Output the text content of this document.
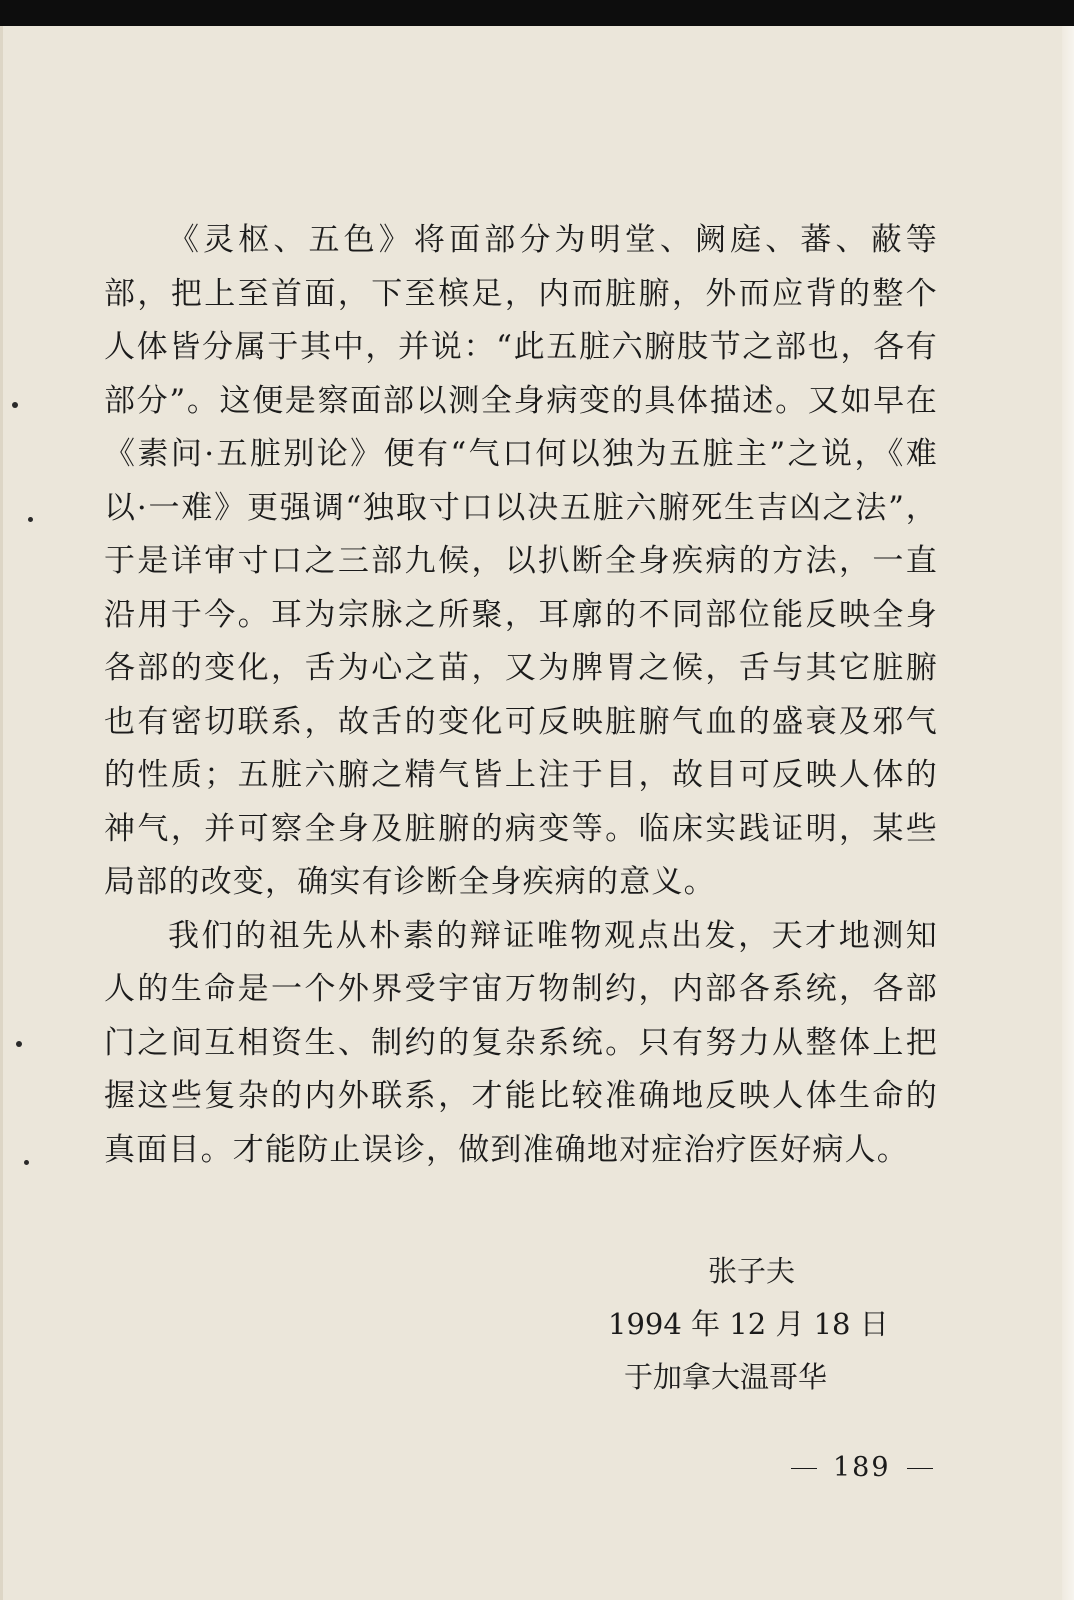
《灵枢、五色》将面部分为明堂、阙庭、蕃、蔽等部，把上至首面，下至槟足，内而脏腑，外而应背的整个人体皆分属于其中，并说：“此五脏六腑肢节之部也，各有部分”。这便是察面部以测全身病变的具体描述。又如早在《素问·五脏别论》便有“气口何以独为五脏主”之说，《难以·一难》更强调“独取寸口以决五脏六腑死生吉凶之法”，于是详审寸口之三部九候，以扒断全身疾病的方法，一直沿用于今。耳为宗脉之所聚，耳廓的不同部位能反映全身各部的变化，舌为心之苗，又为脾胃之候，舌与其它脏腑也有密切联系，故舌的变化可反映脏腑气血的盛衰及邪气的性质；五脏六腑之精气皆上注于目，故目可反映人体的神气，并可察全身及脏腑的病变等。临床实践证明，某些局部的改变，确实有诊断全身疾病的意义。

我们的祖先从朴素的辩证唯物观点出发，天才地测知人的生命是一个外界受宇宙万物制约，内部各系统，各部门之间互相资生、制约的复杂系统。只有努力从整体上把握这些复杂的内外联系，才能比较准确地反映人体生命的真面目。才能防止误诊，做到准确地对症治疗医好病人。

张子夫
1994 年 12 月 18 日
于加拿大温哥华
189
